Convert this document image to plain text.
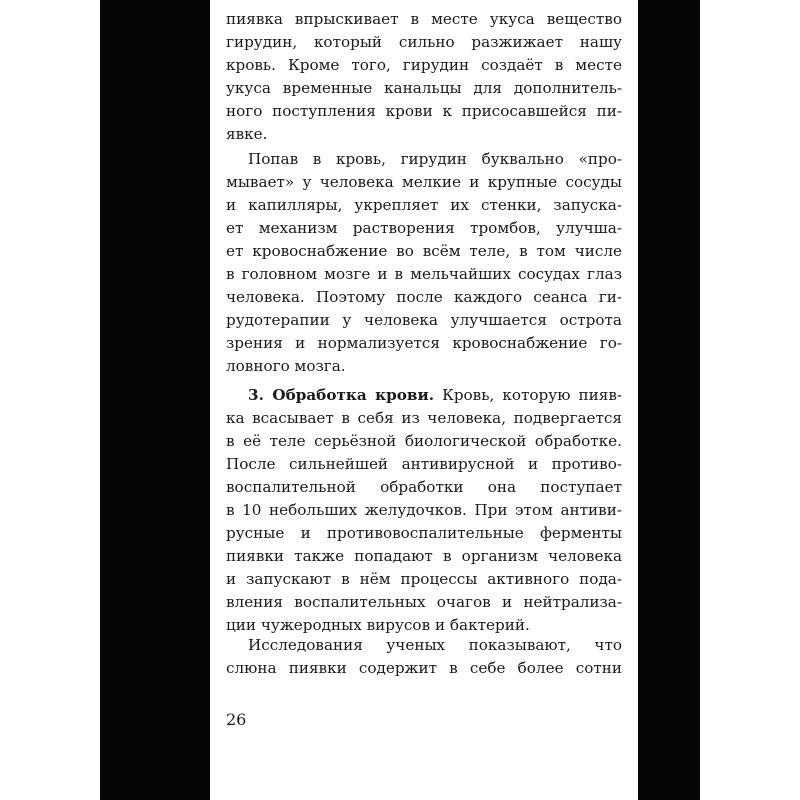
пиявка впрыскивает в месте укуса вещество
гирудин, который сильно разжижает нашу
кровь. Кроме того, гирудин создаёт в месте
укуса временные канальцы для дополнитель-
ного поступления крови к присосавшейся пи-
явке.
Попав в кровь, гирудин буквально «про-
мывает» у человека мелкие и крупные сосуды
и капилляры, укрепляет их стенки, запуска-
ет механизм растворения тромбов, улучша-
ет кровоснабжение во всём теле, в том числе
в головном мозге и в мельчайших сосудах глаз
человека. Поэтому после каждого сеанса ги-
рудотерапии у человека улучшается острота
зрения и нормализуется кровоснабжение го-
ловного мозга.
3. Обработка крови. Кровь, которую пияв-
ка всасывает в себя из человека, подвергается
в её теле серьёзной биологической обработке.
После сильнейшей антивирусной и противо-
воспалительной обработки она поступает
в 10 небольших желудочков. При этом антиви-
русные и противовоспалительные ферменты
пиявки также попадают в организм человека
и запускают в нём процессы активного пода-
вления воспалительных очагов и нейтрализа-
ции чужеродных вирусов и бактерий.
Исследования ученых показывают, что
слюна пиявки содержит в себе более сотни
26
